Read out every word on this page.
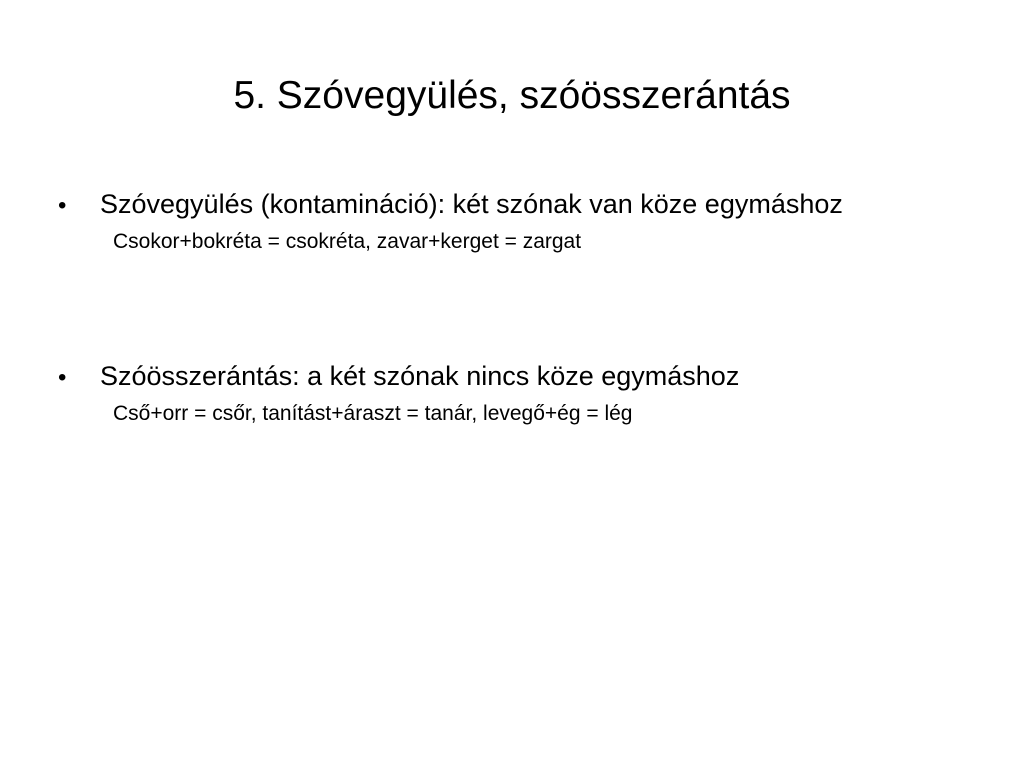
5. Szóvegyülés, szóösszerántás
•	Szóvegyülés (kontamináció): két szónak van köze egymáshoz
Csokor+bokréta = csokréta, zavar+kerget = zargat
•	Szóösszerántás: a két szónak nincs köze egymáshoz
Cső+orr = csőr, tanítást+áraszt = tanár, levegő+ég = lég
